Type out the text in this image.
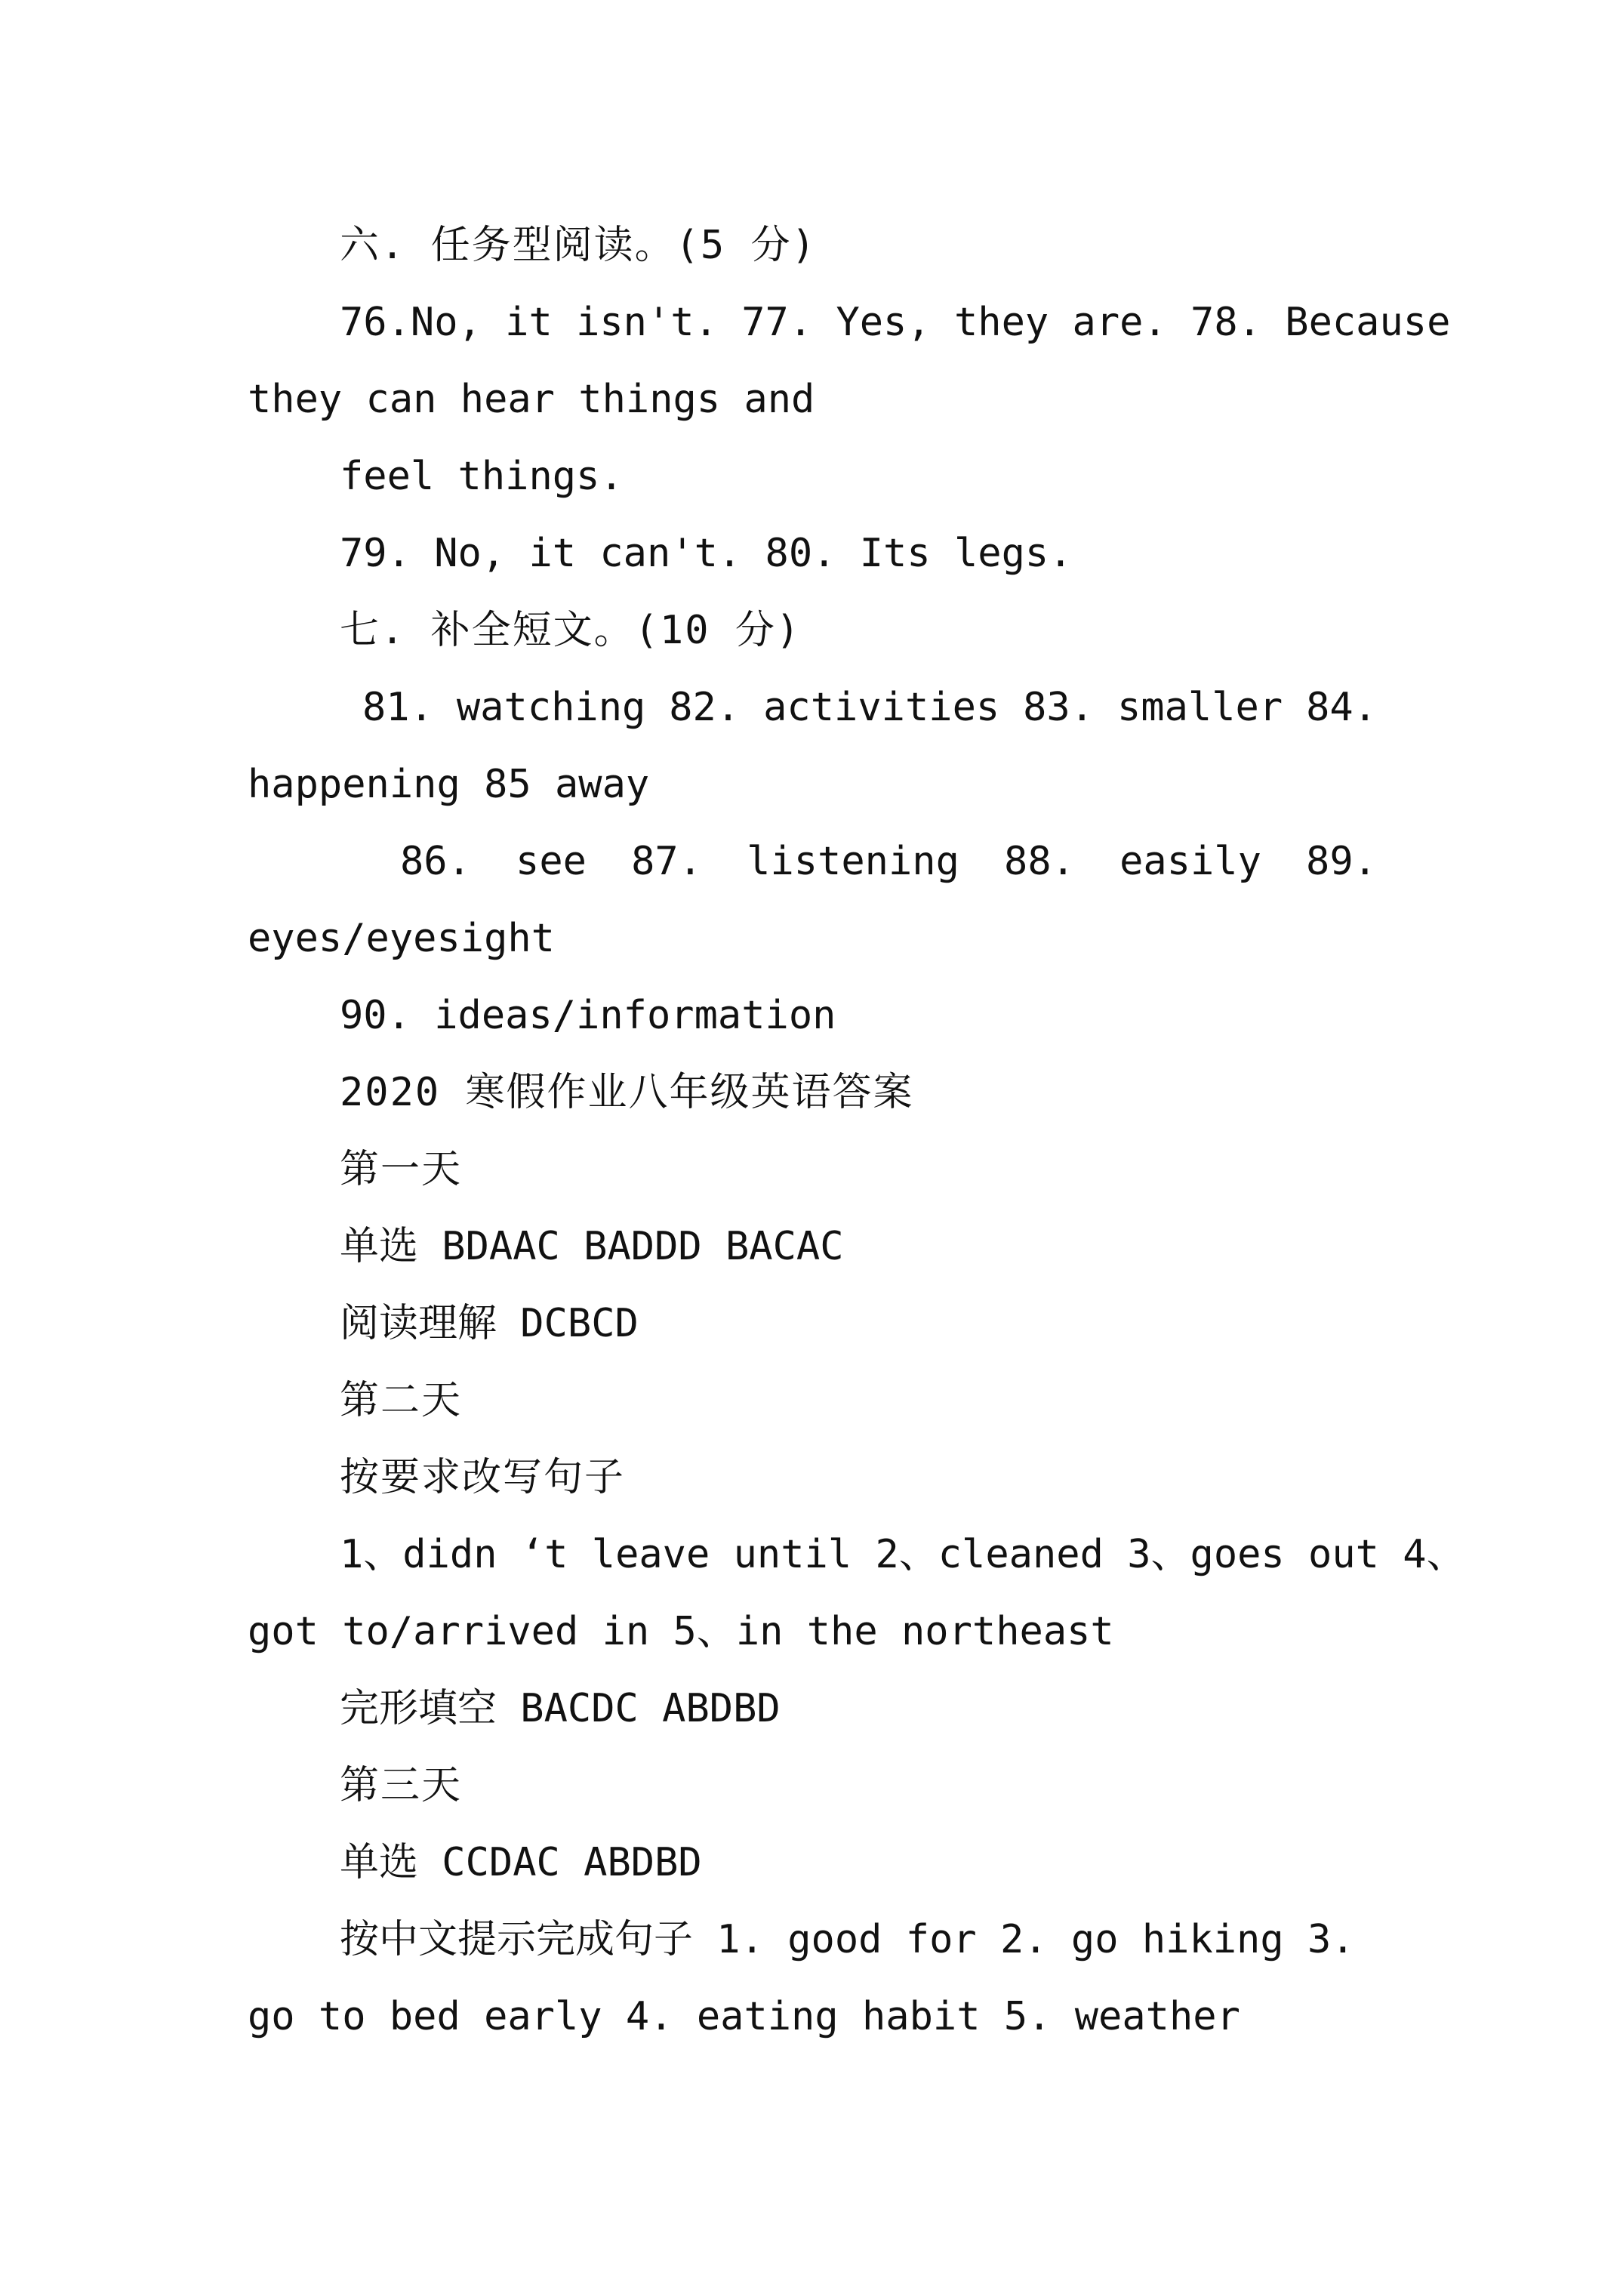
六. 任务型阅读。(5 分)
76.No, it isn't. 77. Yes, they are. 78. Because
they can hear things and
feel things.
79. No, it can't. 80. Its legs.
七. 补全短文。(10 分)
81. watching 82. activities 83. smaller 84.
happening 85 away
86. see 87. listening 88. easily 89.
eyes/eyesight
90. ideas/information
2020 寒假作业八年级英语答案
第一天
单选 BDAAC BADDD BACAC
阅读理解 DCBCD
第二天
按要求改写句子
1、didn ‘t leave until 2、cleaned 3、goes out 4、
got to/arrived in 5、in the northeast
完形填空 BACDC ABDBD
第三天
单选 CCDAC ABDBD
按中文提示完成句子 1. good for 2. go hiking 3.
go to bed early 4. eating habit 5. weather
